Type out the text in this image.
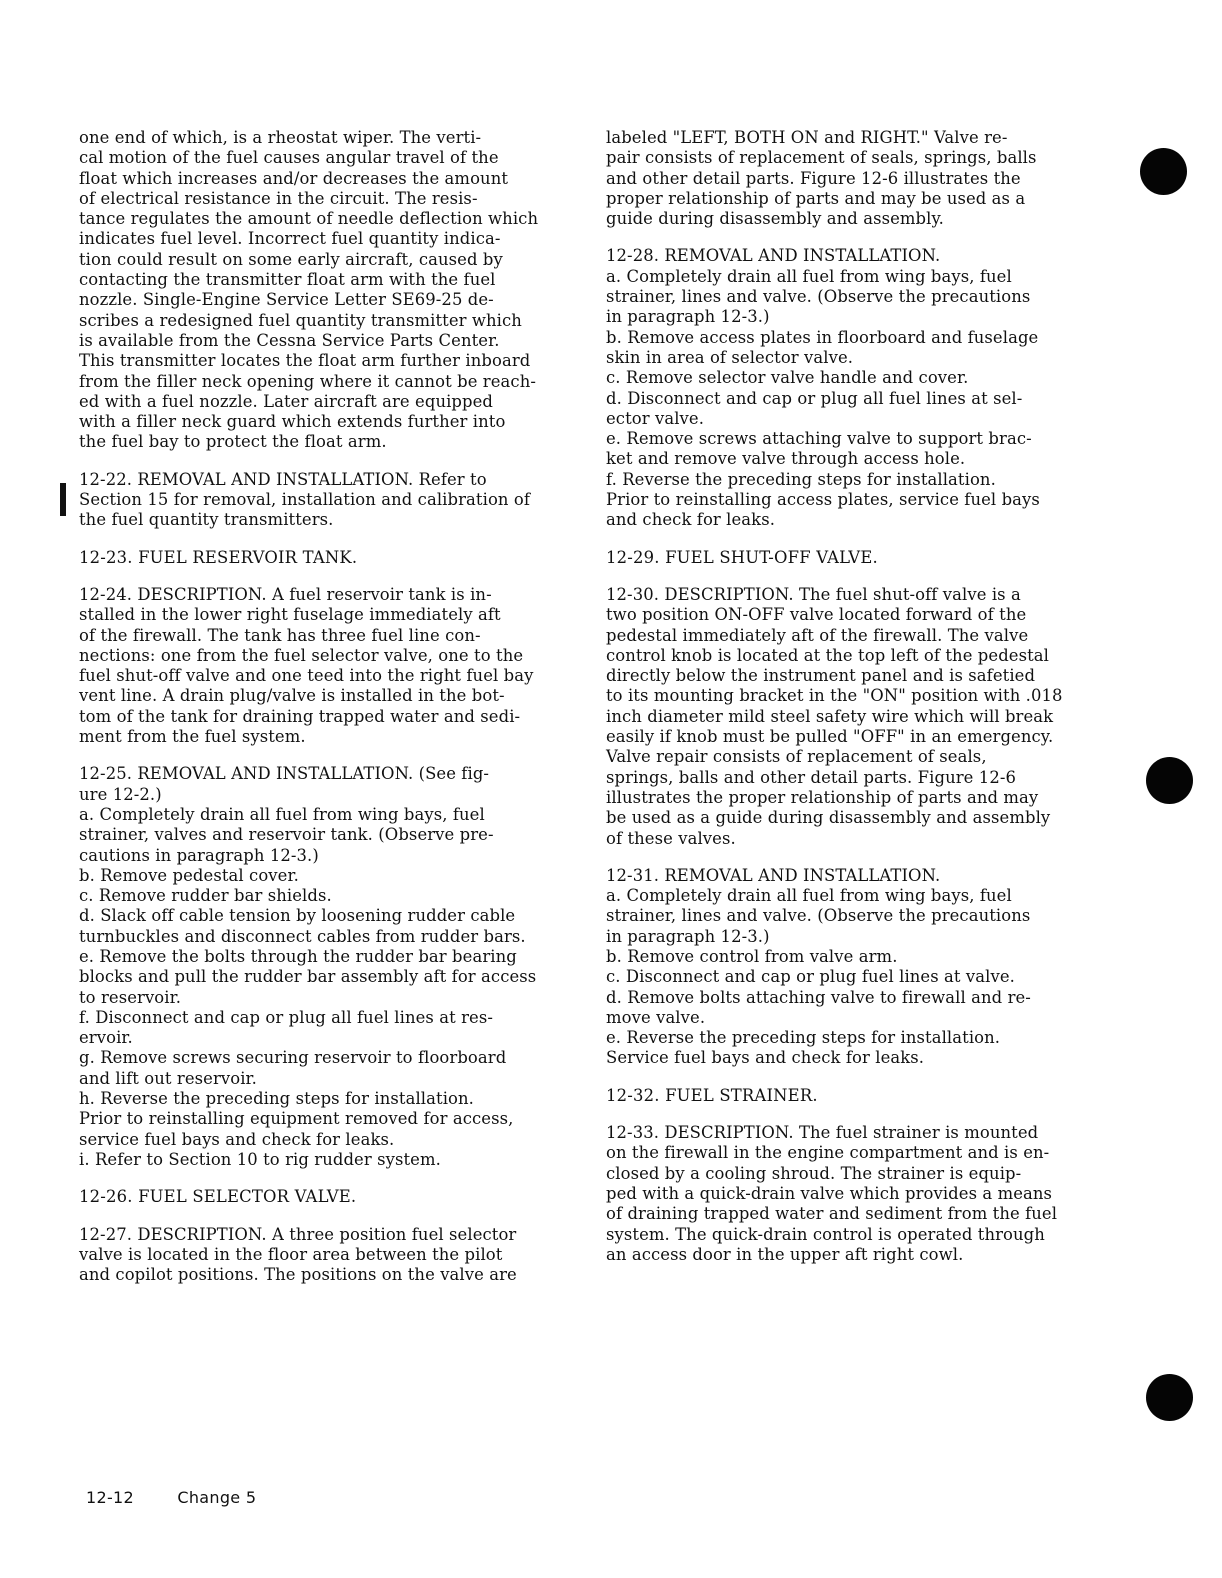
one end of which, is a rheostat wiper. The verti-
cal motion of the fuel causes angular travel of the
float which increases and/or decreases the amount
of electrical resistance in the circuit. The resis-
tance regulates the amount of needle deflection which
indicates fuel level. Incorrect fuel quantity indica-
tion could result on some early aircraft, caused by
contacting the transmitter float arm with the fuel
nozzle. Single-Engine Service Letter SE69-25 de-
scribes a redesigned fuel quantity transmitter which
is available from the Cessna Service Parts Center.
This transmitter locates the float arm further inboard
from the filler neck opening where it cannot be reach-
ed with a fuel nozzle. Later aircraft are equipped
with a filler neck guard which extends further into
the fuel bay to protect the float arm.

12-22. REMOVAL AND INSTALLATION. Refer to
Section 15 for removal, installation and calibration of
the fuel quantity transmitters.

12-23. FUEL RESERVOIR TANK.

12-24. DESCRIPTION. A fuel reservoir tank is in-
stalled in the lower right fuselage immediately aft
of the firewall. The tank has three fuel line con-
nections: one from the fuel selector valve, one to the
fuel shut-off valve and one teed into the right fuel bay
vent line. A drain plug/valve is installed in the bot-
tom of the tank for draining trapped water and sedi-
ment from the fuel system.

12-25. REMOVAL AND INSTALLATION. (See fig-
ure 12-2.)

a. Completely drain all fuel from wing bays, fuel
strainer, valves and reservoir tank. (Observe pre-
cautions in paragraph 12-3.)

b. Remove pedestal cover.

c. Remove rudder bar shields.

d. Slack off cable tension by loosening rudder cable
turnbuckles and disconnect cables from rudder bars.

e. Remove the bolts through the rudder bar bearing
blocks and pull the rudder bar assembly aft for access
to reservoir.

f. Disconnect and cap or plug all fuel lines at res-
ervoir.

g. Remove screws securing reservoir to floorboard
and lift out reservoir.

h. Reverse the preceding steps for installation.
Prior to reinstalling equipment removed for access,
service fuel bays and check for leaks.

i. Refer to Section 10 to rig rudder system.

12-26. FUEL SELECTOR VALVE.

12-27. DESCRIPTION. A three position fuel selector
valve is located in the floor area between the pilot
and copilot positions. The positions on the valve are

labeled "LEFT, BOTH ON and RIGHT." Valve re-
pair consists of replacement of seals, springs, balls
and other detail parts. Figure 12-6 illustrates the
proper relationship of parts and may be used as a
guide during disassembly and assembly.

12-28. REMOVAL AND INSTALLATION.

a. Completely drain all fuel from wing bays, fuel
strainer, lines and valve. (Observe the precautions
in paragraph 12-3.)

b. Remove access plates in floorboard and fuselage
skin in area of selector valve.

c. Remove selector valve handle and cover.

d. Disconnect and cap or plug all fuel lines at sel-
ector valve.

e. Remove screws attaching valve to support brac-
ket and remove valve through access hole.

f. Reverse the preceding steps for installation.
Prior to reinstalling access plates, service fuel bays
and check for leaks.

12-29. FUEL SHUT-OFF VALVE.

12-30. DESCRIPTION. The fuel shut-off valve is a
two position ON-OFF valve located forward of the
pedestal immediately aft of the firewall. The valve
control knob is located at the top left of the pedestal
directly below the instrument panel and is safetied
to its mounting bracket in the "ON" position with .018
inch diameter mild steel safety wire which will break
easily if knob must be pulled "OFF" in an emergency.
Valve repair consists of replacement of seals,
springs, balls and other detail parts. Figure 12-6
illustrates the proper relationship of parts and may
be used as a guide during disassembly and assembly
of these valves.

12-31. REMOVAL AND INSTALLATION.

a. Completely drain all fuel from wing bays, fuel
strainer, lines and valve. (Observe the precautions
in paragraph 12-3.)

b. Remove control from valve arm.

c. Disconnect and cap or plug fuel lines at valve.

d. Remove bolts attaching valve to firewall and re-
move valve.

e. Reverse the preceding steps for installation.
Service fuel bays and check for leaks.

12-32. FUEL STRAINER.

12-33. DESCRIPTION. The fuel strainer is mounted
on the firewall in the engine compartment and is en-
closed by a cooling shroud. The strainer is equip-
ped with a quick-drain valve which provides a means
of draining trapped water and sediment from the fuel
system. The quick-drain control is operated through
an access door in the upper aft right cowl.

12-12	Change 5
